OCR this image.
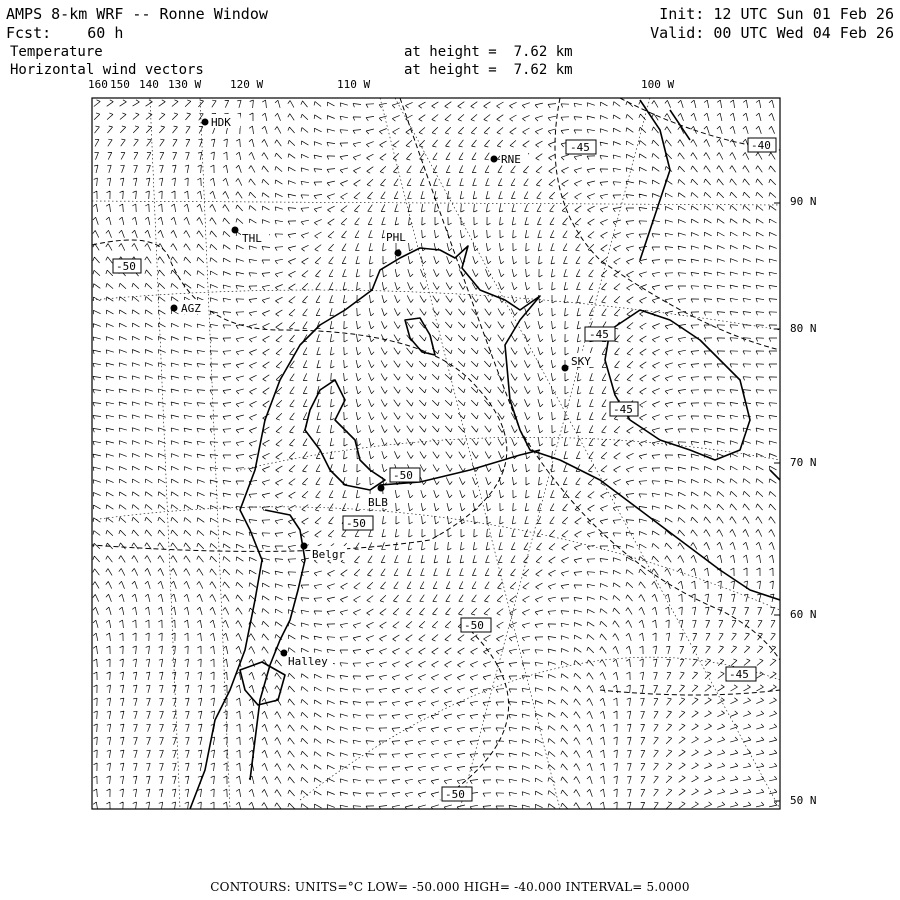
AMPS 8-km WRF -- Ronne Window
Fcst: 60 h
Temperature
Horizontal wind vectors
at height =  7.62 km
at height =  7.62 km
Init: 12 UTC Sun 01 Feb 26
Valid: 00 UTC Wed 04 Feb 26
160 150 140 130 W	120 W	110 W	100 W
90 N
80 N
70 N
60 N
50 N
HDK
RNE
THL	PHL
AGZ
SKY
BLB
Belgr
Halley
-45	-40
-50
-45
-45
-50
-50
-50
-45
-50
CONTOURS: UNITS=°C LOW= -50.000 HIGH= -40.000 INTERVAL= 5.0000
